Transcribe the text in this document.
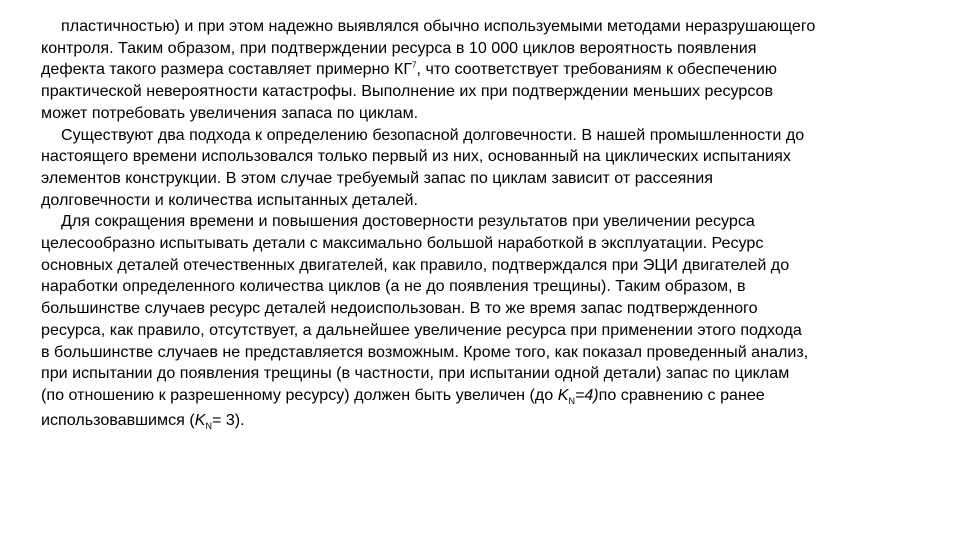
пластичностью) и при этом надежно выявлялся обычно используемыми методами неразрушающего
контроля. Таким образом, при подтверждении ресурса в 10 000 циклов вероятность появления
дефекта такого размера составляет примерно $КГ^7$, что соответствует требованиям к обеспечению
практической невероятности катастрофы. Выполнение их при подтверждении меньших ресурсов
может потребовать увеличения запаса по циклам.
Существуют два подхода к определению безопасной долговечности. В нашей промышленности до
настоящего времени использовался только первый из них, основанный на циклических испытаниях
элементов конструкции. В этом случае требуемый запас по циклам зависит от рассеяния
долговечности и количества испытанных деталей.
Для сокращения времени и повышения достоверности результатов при увеличении ресурса
целесообразно испытывать детали с максимально большой наработкой в эксплуатации. Ресурс
основных деталей отечественных двигателей, как правило, подтверждался при ЭЦИ двигателей до
наработки определенного количества циклов (а не до появления трещины). Таким образом, в
большинстве случаев ресурс деталей недоиспользован. В то же время запас подтвержденного
ресурса, как правило, отсутствует, а дальнейшее увеличение ресурса при применении этого подхода
в большинстве случаев не представляется возможным. Кроме того, как показал проведенный анализ,
при испытании до появления трещины (в частности, при испытании одной детали) запас по циклам
(по отношению к разрешенному ресурсу) должен быть увеличен (до $K_N=4)по$ сравнению с ранее
использовавшимся $(K_N= 3)$.
